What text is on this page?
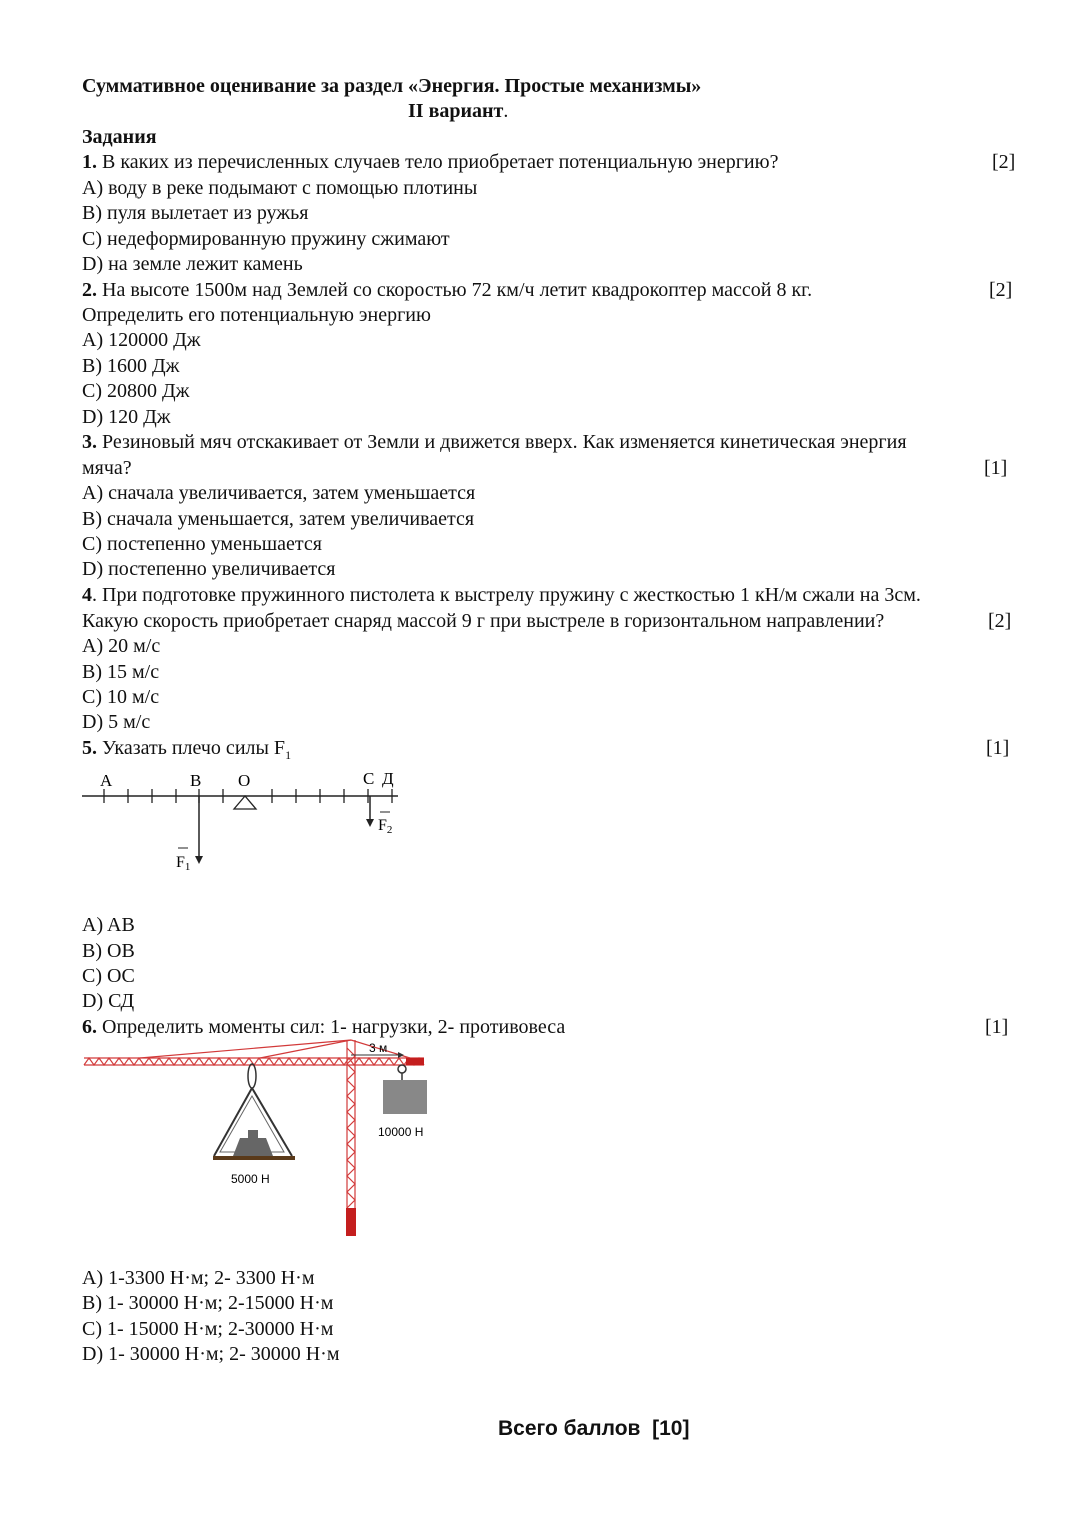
Суммативное оценивание за раздел «Энергия. Простые механизмы»
II вариант.
Задания
1. В каких из перечисленных случаев тело приобретает потенциальную энергию?	[2]
A) воду в реке подымают с помощью плотины
B) пуля вылетает из ружья
C) недеформированную пружину сжимают
D) на земле лежит камень
2. На высоте 1500м над Землей со скоростью 72 км/ч летит квадрокоптер массой 8 кг.	[2]
Определить его потенциальную энергию
A) 120000 Дж
B) 1600 Дж
C) 20800 Дж
D) 120 Дж
3. Резиновый мяч отскакивает от Земли и движется вверх. Как изменяется кинетическая энергия
мяча?	[1]
A) сначала увеличивается, затем уменьшается
B) сначала уменьшается, затем увеличивается
C) постепенно уменьшается
D) постепенно увеличивается
4. При подготовке пружинного пистолета к выстрелу пружину с жесткостью 1 кН/м сжали на 3см.
Какую скорость приобретает снаряд массой 9 г при выстреле в горизонтальном направлении?	[2]
A) 20 м/с
B) 15 м/с
C) 10 м/с
D) 5 м/с
5. Указать плечо силы $F_1$	[1]
A	B O	С Д
F1
F2
A) AB
B) OB
C) OC
D) СД
6. Определить моменты сил: 1- нагрузки, 2- противовеса	[1]
3 м
10000 Н
5000 Н
A) 1-3300 Н·м; 2- 3300 Н·м
B) 1- 30000 Н·м; 2-15000 Н·м
C) 1- 15000 Н·м; 2-30000 Н·м
D) 1- 30000 Н·м; 2- 30000 Н·м
Всего баллов [10]
